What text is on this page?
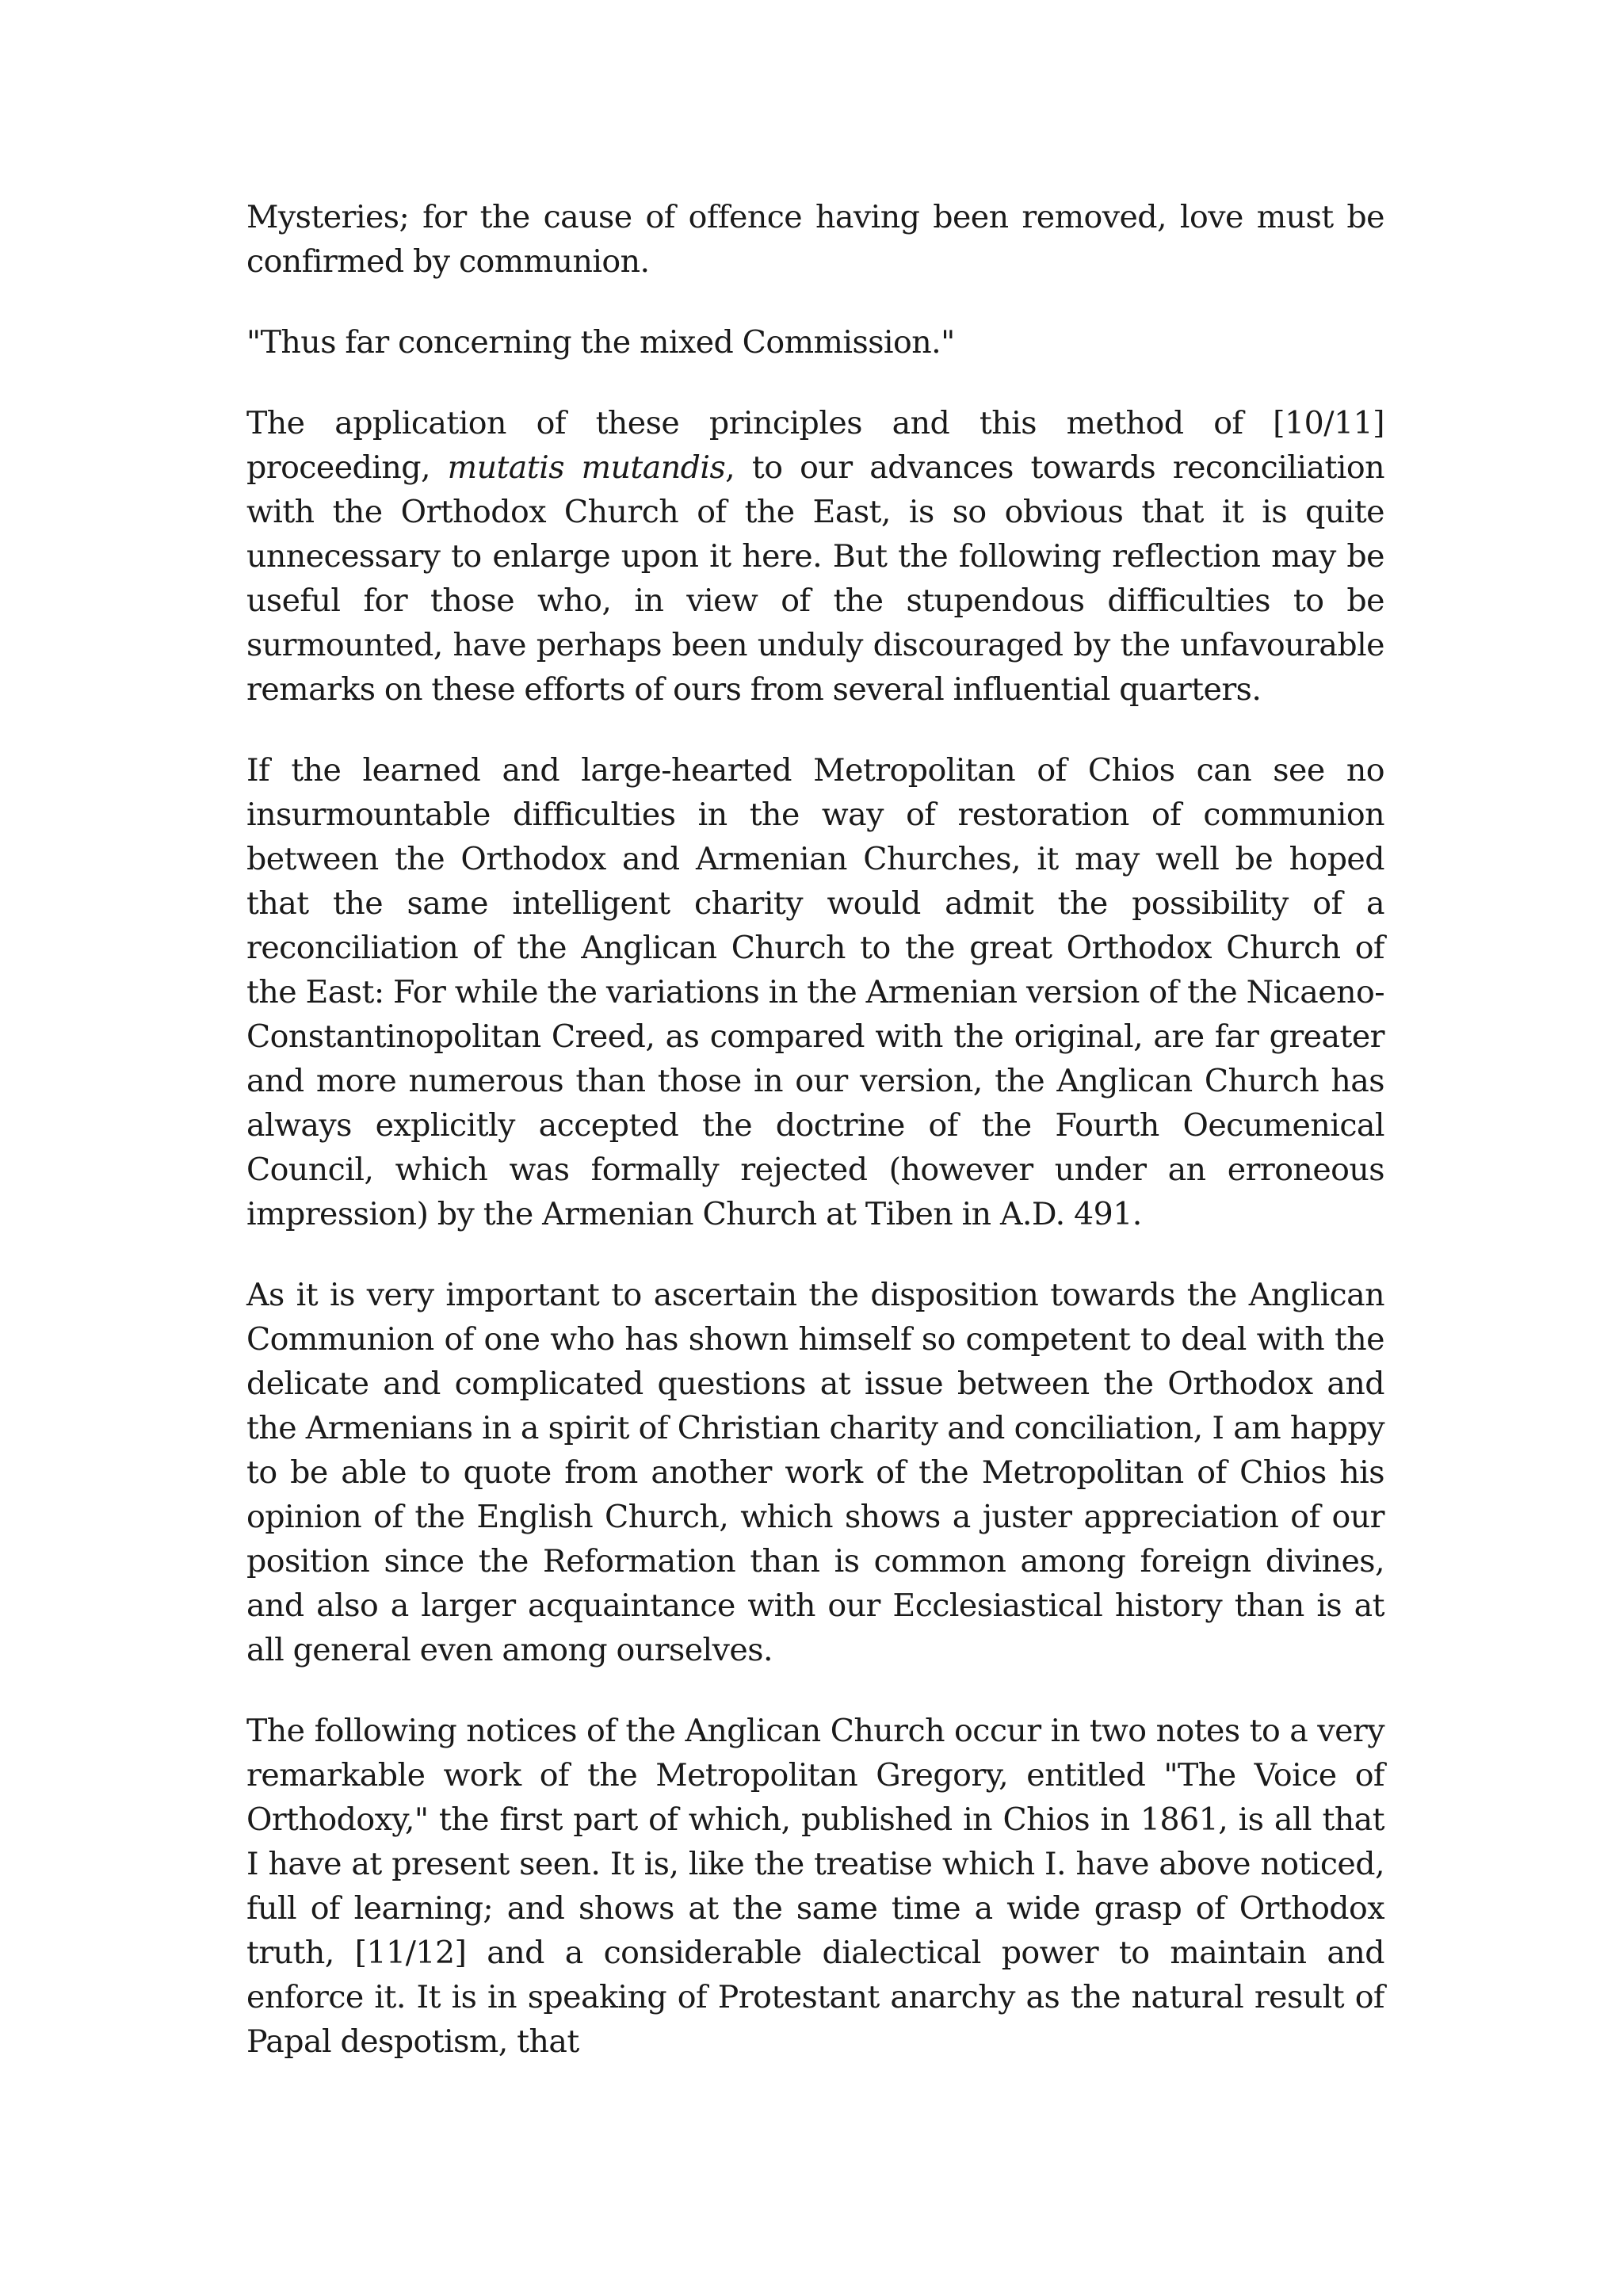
Mysteries; for the cause of offence having been removed, love must be confirmed by communion.

"Thus far concerning the mixed Commission."

The application of these principles and this method of [10/11] proceeding, mutatis mutandis, to our advances towards reconciliation with the Orthodox Church of the East, is so obvious that it is quite unnecessary to enlarge upon it here. But the following reflection may be useful for those who, in view of the stupendous difficulties to be surmounted, have perhaps been unduly discouraged by the unfavourable remarks on these efforts of ours from several influential quarters.

If the learned and large-hearted Metropolitan of Chios can see no insurmountable difficulties in the way of restoration of communion between the Orthodox and Armenian Churches, it may well be hoped that the same intelligent charity would admit the possibility of a reconciliation of the Anglican Church to the great Orthodox Church of the East: For while the variations in the Armenian version of the Nicaeno-Constantinopolitan Creed, as compared with the original, are far greater and more numerous than those in our version, the Anglican Church has always explicitly accepted the doctrine of the Fourth Oecumenical Council, which was formally rejected (however under an erroneous impression) by the Armenian Church at Tiben in A.D. 491.

As it is very important to ascertain the disposition towards the Anglican Communion of one who has shown himself so competent to deal with the delicate and complicated questions at issue between the Orthodox and the Armenians in a spirit of Christian charity and conciliation, I am happy to be able to quote from another work of the Metropolitan of Chios his opinion of the English Church, which shows a juster appreciation of our position since the Reformation than is common among foreign divines, and also a larger acquaintance with our Ecclesiastical history than is at all general even among ourselves.

The following notices of the Anglican Church occur in two notes to a very remarkable work of the Metropolitan Gregory, entitled "The Voice of Orthodoxy," the first part of which, published in Chios in 1861, is all that I have at present seen. It is, like the treatise which I. have above noticed, full of learning; and shows at the same time a wide grasp of Orthodox truth, [11/12] and a considerable dialectical power to maintain and enforce it. It is in speaking of Protestant anarchy as the natural result of Papal despotism, that
